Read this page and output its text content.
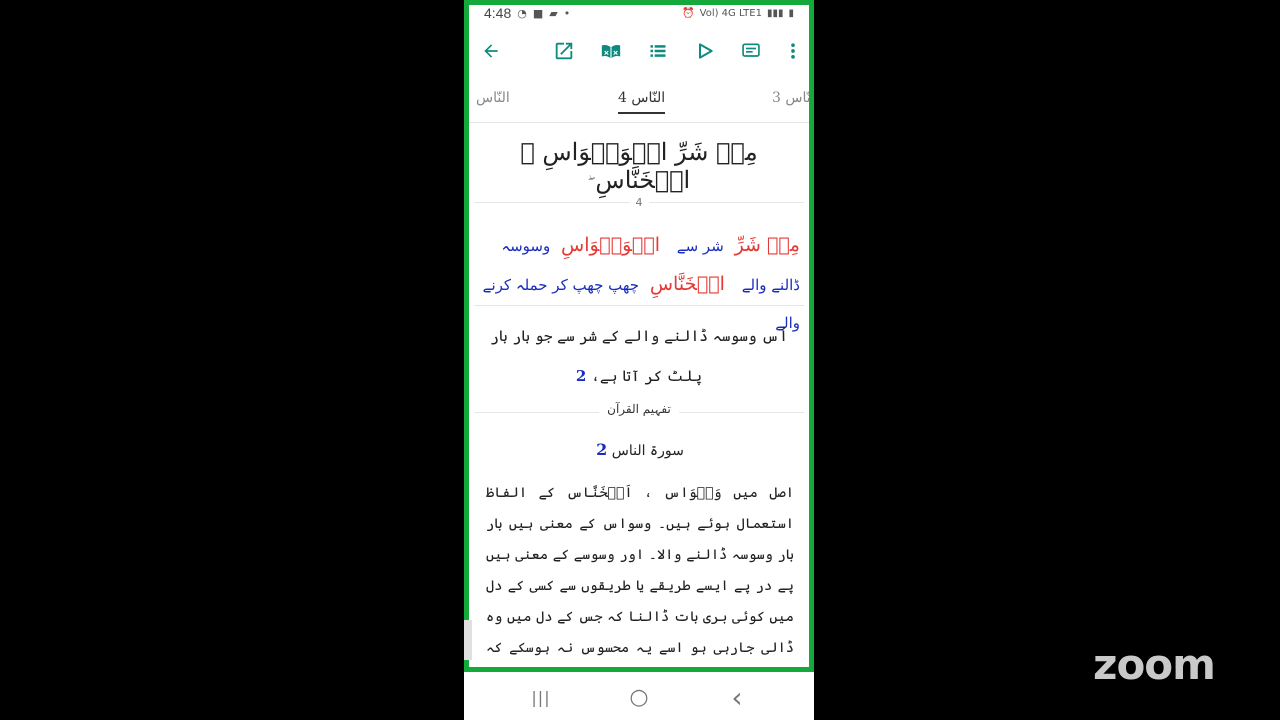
4:48 ◔ ■ ▰ •	⏰ Vol) 4G LTE1 ▮▮▮ ▮
النّاس	النّاس 4	نّاس 3
مِنۡ شَرِّ الۡوَسۡوَاسِ ۙ الۡخَنَّاسِ
4
مِنۡ شَرِّ شر سے الۡوَسۡوَاسِ وسوسہ ڈالنے والے الۡخَنَّاسِ چھپ چھپ کر حملہ کرنے والے
اُس وسوسہ ڈالنے والے کے شر سے جو بار بار پلٹ کر آتا ہے، 2
تفہیم القرآن
سورۃ الناس 2
اصل میں وَسۡوَاس ، اَلۡخَنَّاس کے الفاظ استعمال ہوئے ہیں۔ وسواس کے معنی ہیں بار بار وسوسہ ڈالنے والا۔ اور وسوسے کے معنی ہیں پے در پے ایسے طریقے یا طریقوں سے کسی کے دل میں کوئی بری بات ڈالنا کہ جس کے دل میں وہ ڈالی جارہی ہو اسے یہ محسوس نہ ہوسکے کہ
|||	○	‹
zoom
